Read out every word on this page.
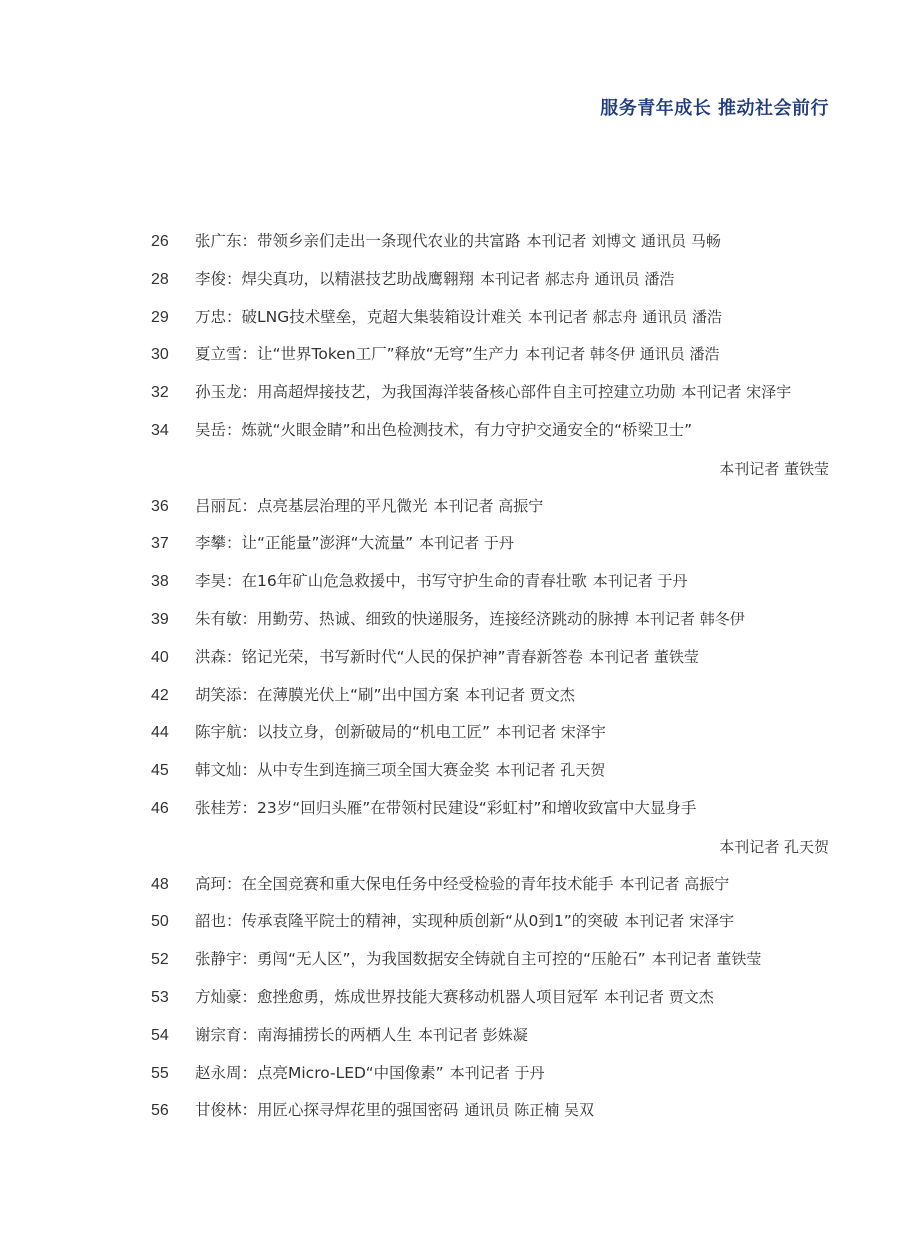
服务青年成长 推动社会前行
26 张广东：带领乡亲们走出一条现代农业的共富路 本刊记者 刘博文 通讯员 马畅
28 李俊：焊尖真功，以精湛技艺助战鹰翱翔 本刊记者 郝志舟 通讯员 潘浩
29 万忠：破LNG技术壁垒，克超大集装箱设计难关 本刊记者 郝志舟 通讯员 潘浩
30 夏立雪：让“世界Token工厂”释放“无穹”生产力 本刊记者 韩冬伊 通讯员 潘浩
32 孙玉龙：用高超焊接技艺，为我国海洋装备核心部件自主可控建立功勋 本刊记者 宋泽宇
34 吴岳：炼就“火眼金睛”和出色检测技术，有力守护交通安全的“桥梁卫士”
本刊记者 董铁莹
36 吕丽瓦：点亮基层治理的平凡微光 本刊记者 高振宁
37 李攀：让“正能量”澎湃“大流量” 本刊记者 于丹
38 李昊：在16年矿山危急救援中，书写守护生命的青春壮歌 本刊记者 于丹
39 朱有敏：用勤劳、热诚、细致的快递服务，连接经济跳动的脉搏 本刊记者 韩冬伊
40 洪森：铭记光荣，书写新时代“人民的保护神”青春新答卷 本刊记者 董铁莹
42 胡笑添：在薄膜光伏上“刷”出中国方案 本刊记者 贾文杰
44 陈宇航：以技立身，创新破局的“机电工匠” 本刊记者 宋泽宇
45 韩文灿：从中专生到连摘三项全国大赛金奖 本刊记者 孔天贺
46 张桂芳：23岁“回归头雁”在带领村民建设“彩虹村”和增收致富中大显身手
本刊记者 孔天贺
48 高珂：在全国竞赛和重大保电任务中经受检验的青年技术能手 本刊记者 高振宁
50 韶也：传承袁隆平院士的精神，实现种质创新“从0到1”的突破 本刊记者 宋泽宇
52 张静宇：勇闯“无人区”，为我国数据安全铸就自主可控的“压舱石” 本刊记者 董铁莹
53 方灿豪：愈挫愈勇，炼成世界技能大赛移动机器人项目冠军 本刊记者 贾文杰
54 谢宗育：南海捕捞长的两栖人生 本刊记者 彭姝凝
55 赵永周：点亮Micro-LED“中国像素” 本刊记者 于丹
56 甘俊林：用匠心探寻焊花里的强国密码 通讯员 陈正楠 吴双
